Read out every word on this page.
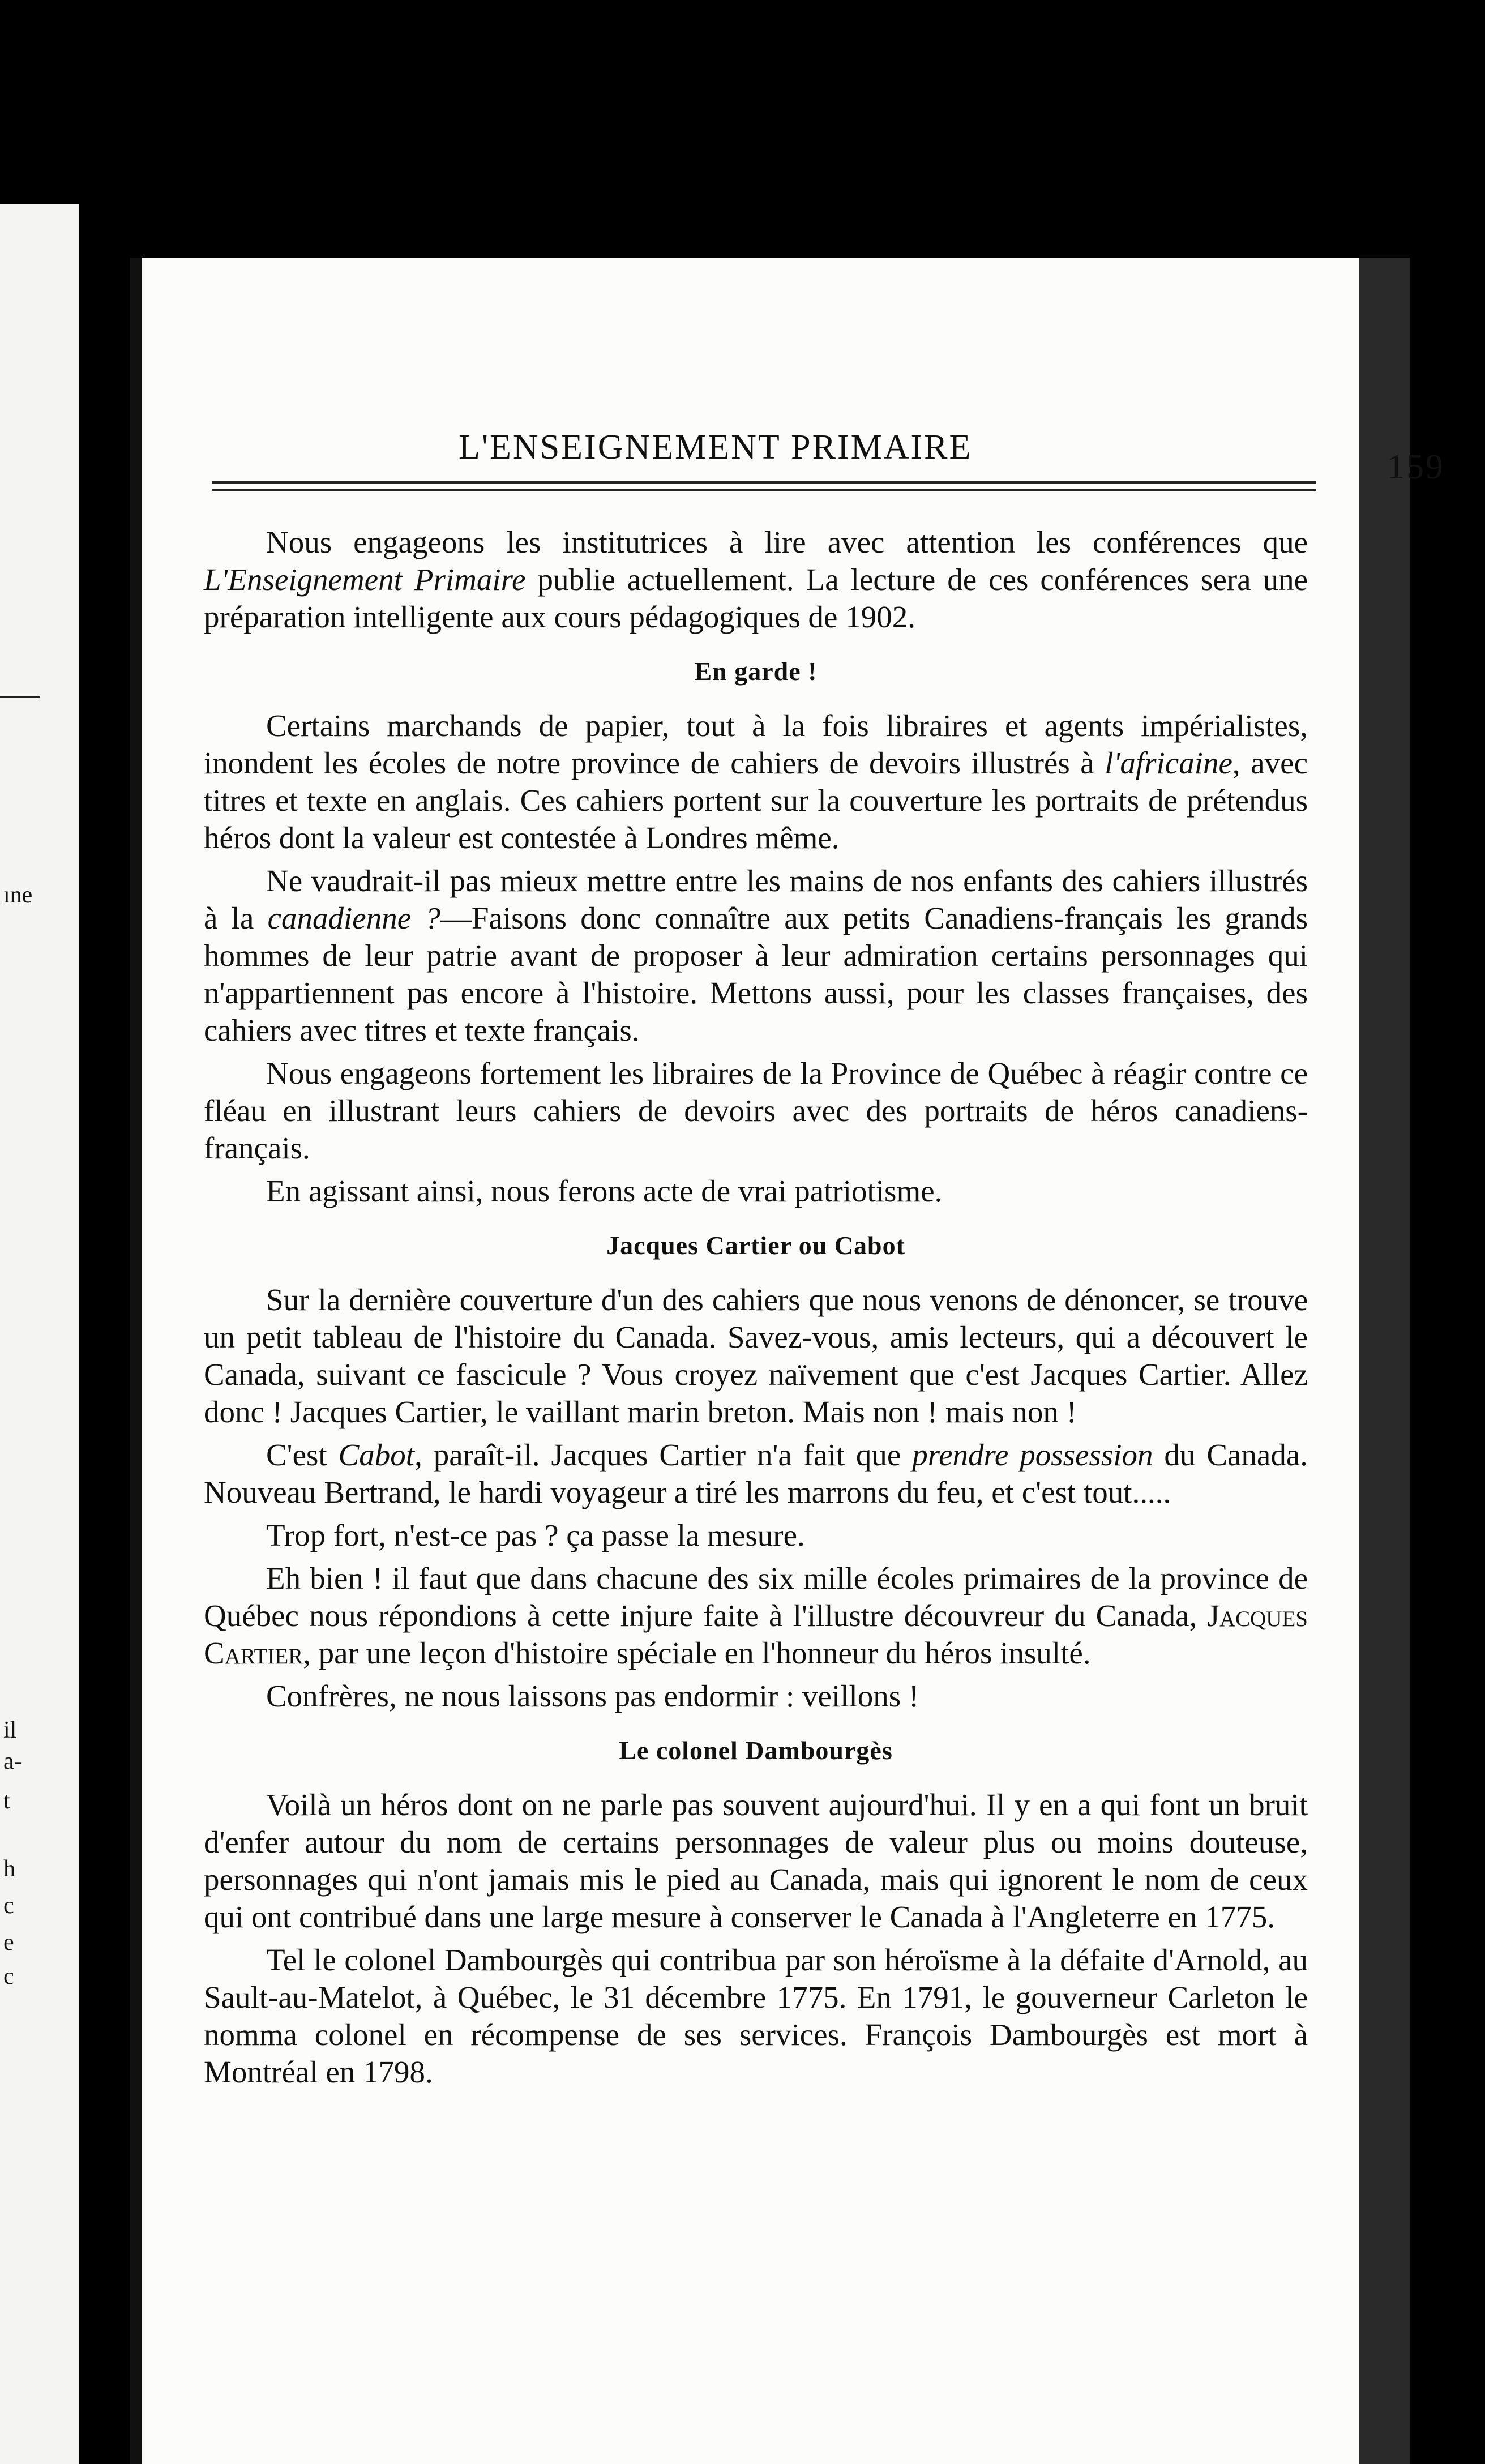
ıne
il
a-
t
h
c
e
c
L'ENSEIGNEMENT PRIMAIRE
159

Nous engageons les institutrices à lire avec attention les conférences que L'Enseignement Primaire publie actuellement. La lecture de ces conférences sera une préparation intelligente aux cours pédagogiques de 1902.

En garde !

Certains marchands de papier, tout à la fois libraires et agents impérialistes, inondent les écoles de notre province de cahiers de devoirs illustrés à l'africaine, avec titres et texte en anglais. Ces cahiers portent sur la couverture les portraits de prétendus héros dont la valeur est contestée à Londres même.

Ne vaudrait-il pas mieux mettre entre les mains de nos enfants des cahiers illustrés à la canadienne ?—Faisons donc connaître aux petits Canadiens-français les grands hommes de leur patrie avant de proposer à leur admiration certains personnages qui n'appartiennent pas encore à l'histoire. Mettons aussi, pour les classes françaises, des cahiers avec titres et texte français.

Nous engageons fortement les libraires de la Province de Québec à réagir contre ce fléau en illustrant leurs cahiers de devoirs avec des portraits de héros canadiens-français.

En agissant ainsi, nous ferons acte de vrai patriotisme.

Jacques Cartier ou Cabot

Sur la dernière couverture d'un des cahiers que nous venons de dénoncer, se trouve un petit tableau de l'histoire du Canada. Savez-vous, amis lecteurs, qui a découvert le Canada, suivant ce fascicule ? Vous croyez naïvement que c'est Jacques Cartier. Allez donc ! Jacques Cartier, le vaillant marin breton. Mais non ! mais non !

C'est Cabot, paraît-il. Jacques Cartier n'a fait que prendre possession du Canada. Nouveau Bertrand, le hardi voyageur a tiré les marrons du feu, et c'est tout.....

Trop fort, n'est-ce pas ? ça passe la mesure.

Eh bien ! il faut que dans chacune des six mille écoles primaires de la province de Québec nous répondions à cette injure faite à l'illustre découvreur du Canada, Jacques Cartier, par une leçon d'histoire spéciale en l'honneur du héros insulté.

Confrères, ne nous laissons pas endormir : veillons !

Le colonel Dambourgès

Voilà un héros dont on ne parle pas souvent aujourd'hui. Il y en a qui font un bruit d'enfer autour du nom de certains personnages de valeur plus ou moins douteuse, personnages qui n'ont jamais mis le pied au Canada, mais qui ignorent le nom de ceux qui ont contribué dans une large mesure à conserver le Canada à l'Angleterre en 1775.

Tel le colonel Dambourgès qui contribua par son héroïsme à la défaite d'Arnold, au Sault-au-Matelot, à Québec, le 31 décembre 1775. En 1791, le gouverneur Carleton le nomma colonel en récompense de ses services. François Dambourgès est mort à Montréal en 1798.
